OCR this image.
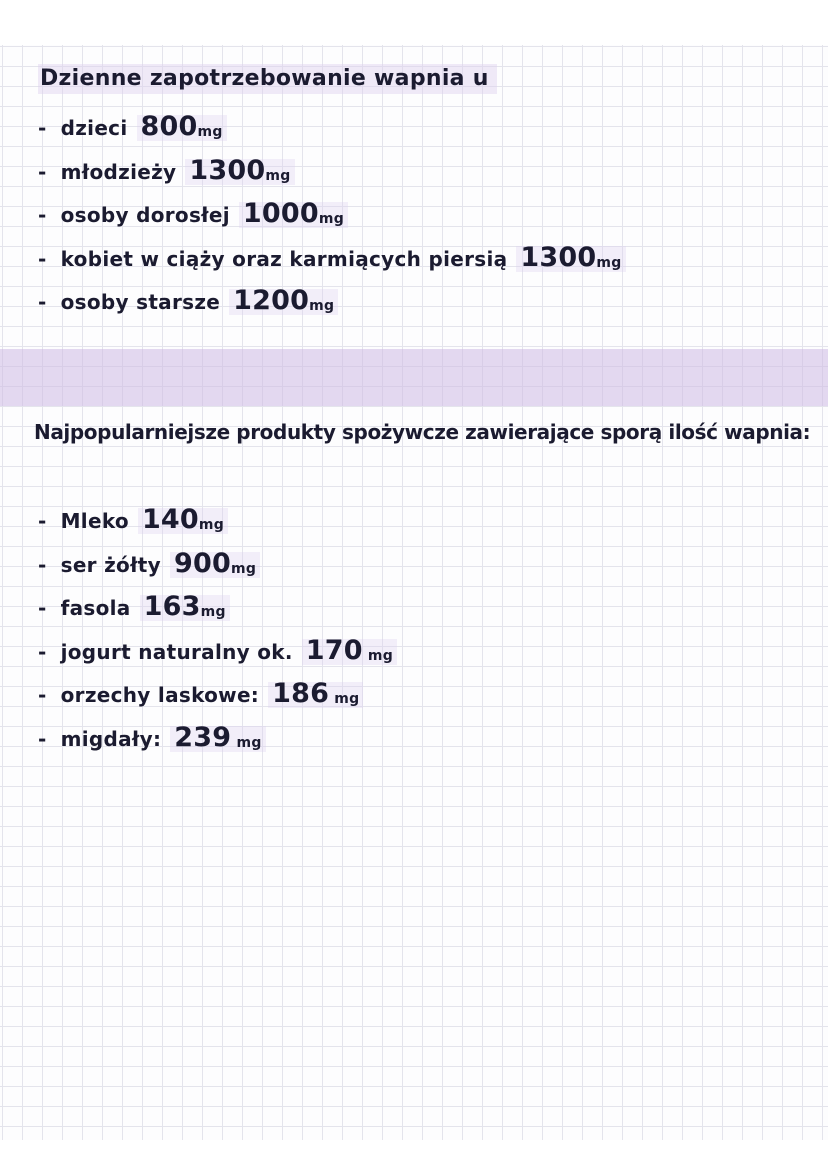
Dzienne zapotrzebowanie wapnia u
- dzieci 800mg
- młodzieży 1300mg
- osoby dorosłej 1000mg
- kobiet w ciąży oraz karmiących piersią 1300mg
- osoby starsze 1200mg
Najpopularniejsze produkty spożywcze zawierające sporą ilość wapnia:
- Mleko 140mg
- ser żółty 900mg
- fasola 163mg
- jogurt naturalny ok. 170 mg
- orzechy laskowe: 186 mg
- migdały: 239 mg
